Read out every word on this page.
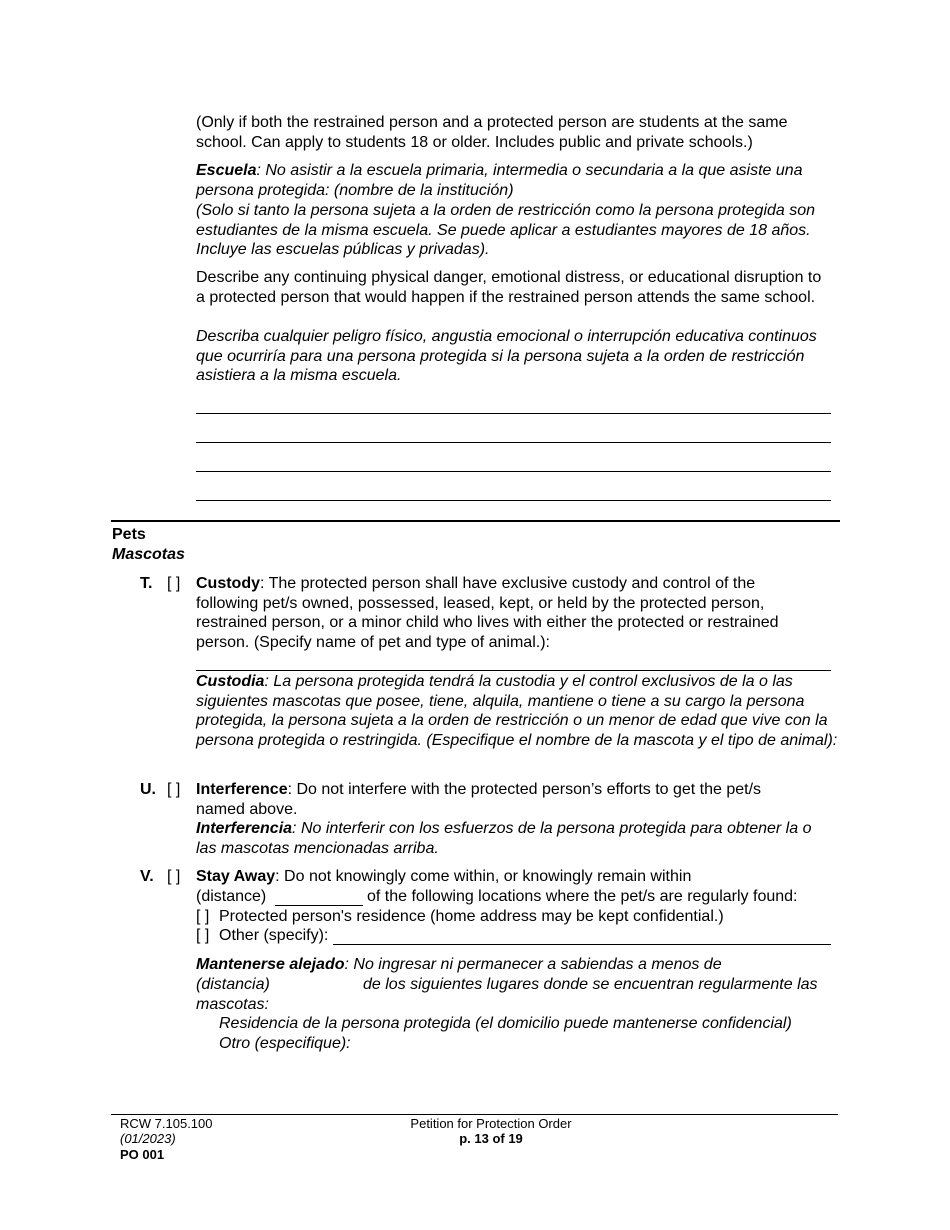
(Only if both the restrained person and a protected person are students at the same school. Can apply to students 18 or older. Includes public and private schools.)

Escuela: No asistir a la escuela primaria, intermedia o secundaria a la que asiste una persona protegida: (nombre de la institución)

(Solo si tanto la persona sujeta a la orden de restricción como la persona protegida son estudiantes de la misma escuela. Se puede aplicar a estudiantes mayores de 18 años. Incluye las escuelas públicas y privadas).

Describe any continuing physical danger, emotional distress, or educational disruption to a protected person that would happen if the restrained person attends the same school.

Describa cualquier peligro físico, angustia emocional o interrupción educativa continuos que ocurriría para una persona protegida si la persona sujeta a la orden de restricción asistiera a la misma escuela.

Pets

Mascotas

T. [ ] Custody: The protected person shall have exclusive custody and control of the following pet/s owned, possessed, leased, kept, or held by the protected person, restrained person, or a minor child who lives with either the protected or restrained person. (Specify name of pet and type of animal.):

Custodia: La persona protegida tendrá la custodia y el control exclusivos de la o las siguientes mascotas que posee, tiene, alquila, mantiene o tiene a su cargo la persona protegida, la persona sujeta a la orden de restricción o un menor de edad que vive con la persona protegida o restringida. (Especifique el nombre de la mascota y el tipo de animal):

U. [ ] Interference: Do not interfere with the protected person’s efforts to get the pet/s named above.

Interferencia: No interferir con los esfuerzos de la persona protegida para obtener la o las mascotas mencionadas arriba.

V. [ ] Stay Away: Do not knowingly come within, or knowingly remain within

(distance)	of the following locations where the pet/s are regularly found:
[ ] Protected person's residence (home address may be kept confidential.)
[ ] Other (specify):

Mantenerse alejado: No ingresar ni permanecer a sabiendas a menos de

(distancia)	de los siguientes lugares donde se encuentran regularmente las mascotas:

Residencia de la persona protegida (el domicilio puede mantenerse confidencial)
Otro (especifique):
RCW 7.105.100
(01/2023)
PO 001
Petition for Protection Order
p. 13 of 19
